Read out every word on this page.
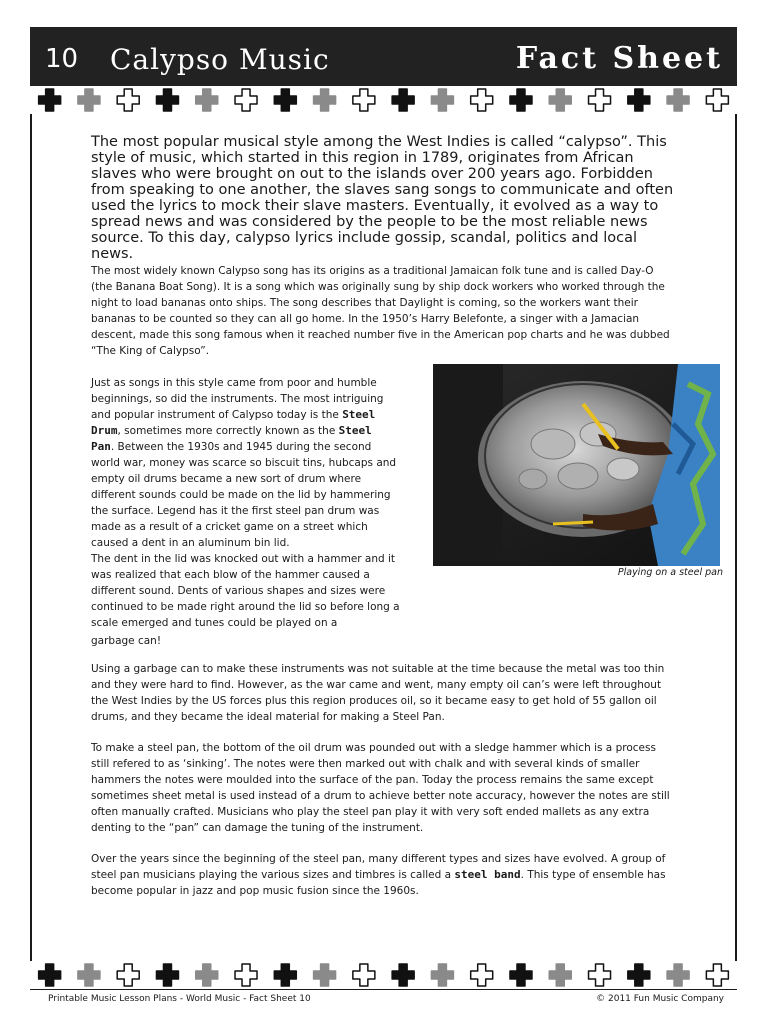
10 Calypso Music	Fact Sheet

The most popular musical style among the West Indies is called “calypso”. This style of music, which started in this region in 1789, originates from African slaves who were brought on out to the islands over 200 years ago. Forbidden from speaking to one another, the slaves sang songs to communicate and often used the lyrics to mock their slave masters. Eventually, it evolved as a way to spread news and was considered by the people to be the most reliable news source. To this day, calypso lyrics include gossip, scandal, politics and local news.

The most widely known Calypso song has its origins as a traditional Jamaican folk tune and is called Day-O (the Banana Boat Song). It is a song which was originally sung by ship dock workers who worked through the night to load bananas onto ships. The song describes that Daylight is coming, so the workers want their bananas to be counted so they can all go home. In the 1950’s Harry Belefonte, a singer with a Jamacian descent, made this song famous when it reached number five in the American pop charts and he was dubbed “The King of Calypso”.

Just as songs in this style came from poor and humble beginnings, so did the instruments. The most intriguing and popular instrument of Calypso today is the Steel Drum, sometimes more correctly known as the Steel Pan. Between the 1930s and 1945 during the second world war, money was scarce so biscuit tins, hubcaps and empty oil drums became a new sort of drum where different sounds could be made on the lid by hammering the surface. Legend has it the first steel pan drum was made as a result of a cricket game on a street which caused a dent in an aluminum bin lid.

The dent in the lid was knocked out with a hammer and it was realized that each blow of the hammer caused a different sound. Dents of various shapes and sizes were continued to be made right around the lid so before long a scale emerged and tunes could be played on a

garbage can!

Playing on a steel pan

Using a garbage can to make these instruments was not suitable at the time because the metal was too thin and they were hard to find. However, as the war came and went, many empty oil can’s were left throughout the West Indies by the US forces plus this region produces oil, so it became easy to get hold of 55 gallon oil drums, and they became the ideal material for making a Steel Pan.

To make a steel pan, the bottom of the oil drum was pounded out with a sledge hammer which is a process still refered to as ‘sinking’. The notes were then marked out with chalk and with several kinds of smaller hammers the notes were moulded into the surface of the pan. Today the process remains the same except sometimes sheet metal is used instead of a drum to achieve better note accuracy, however the notes are still often manually crafted. Musicians who play the steel pan play it with very soft ended mallets as any extra denting to the “pan” can damage the tuning of the instrument.

Over the years since the beginning of the steel pan, many different types and sizes have evolved. A group of steel pan musicians playing the various sizes and timbres is called a steel band. This type of ensemble has become popular in jazz and pop music fusion since the 1960s.

Printable Music Lesson Plans - World Music - Fact Sheet 10	© 2011 Fun Music Company
